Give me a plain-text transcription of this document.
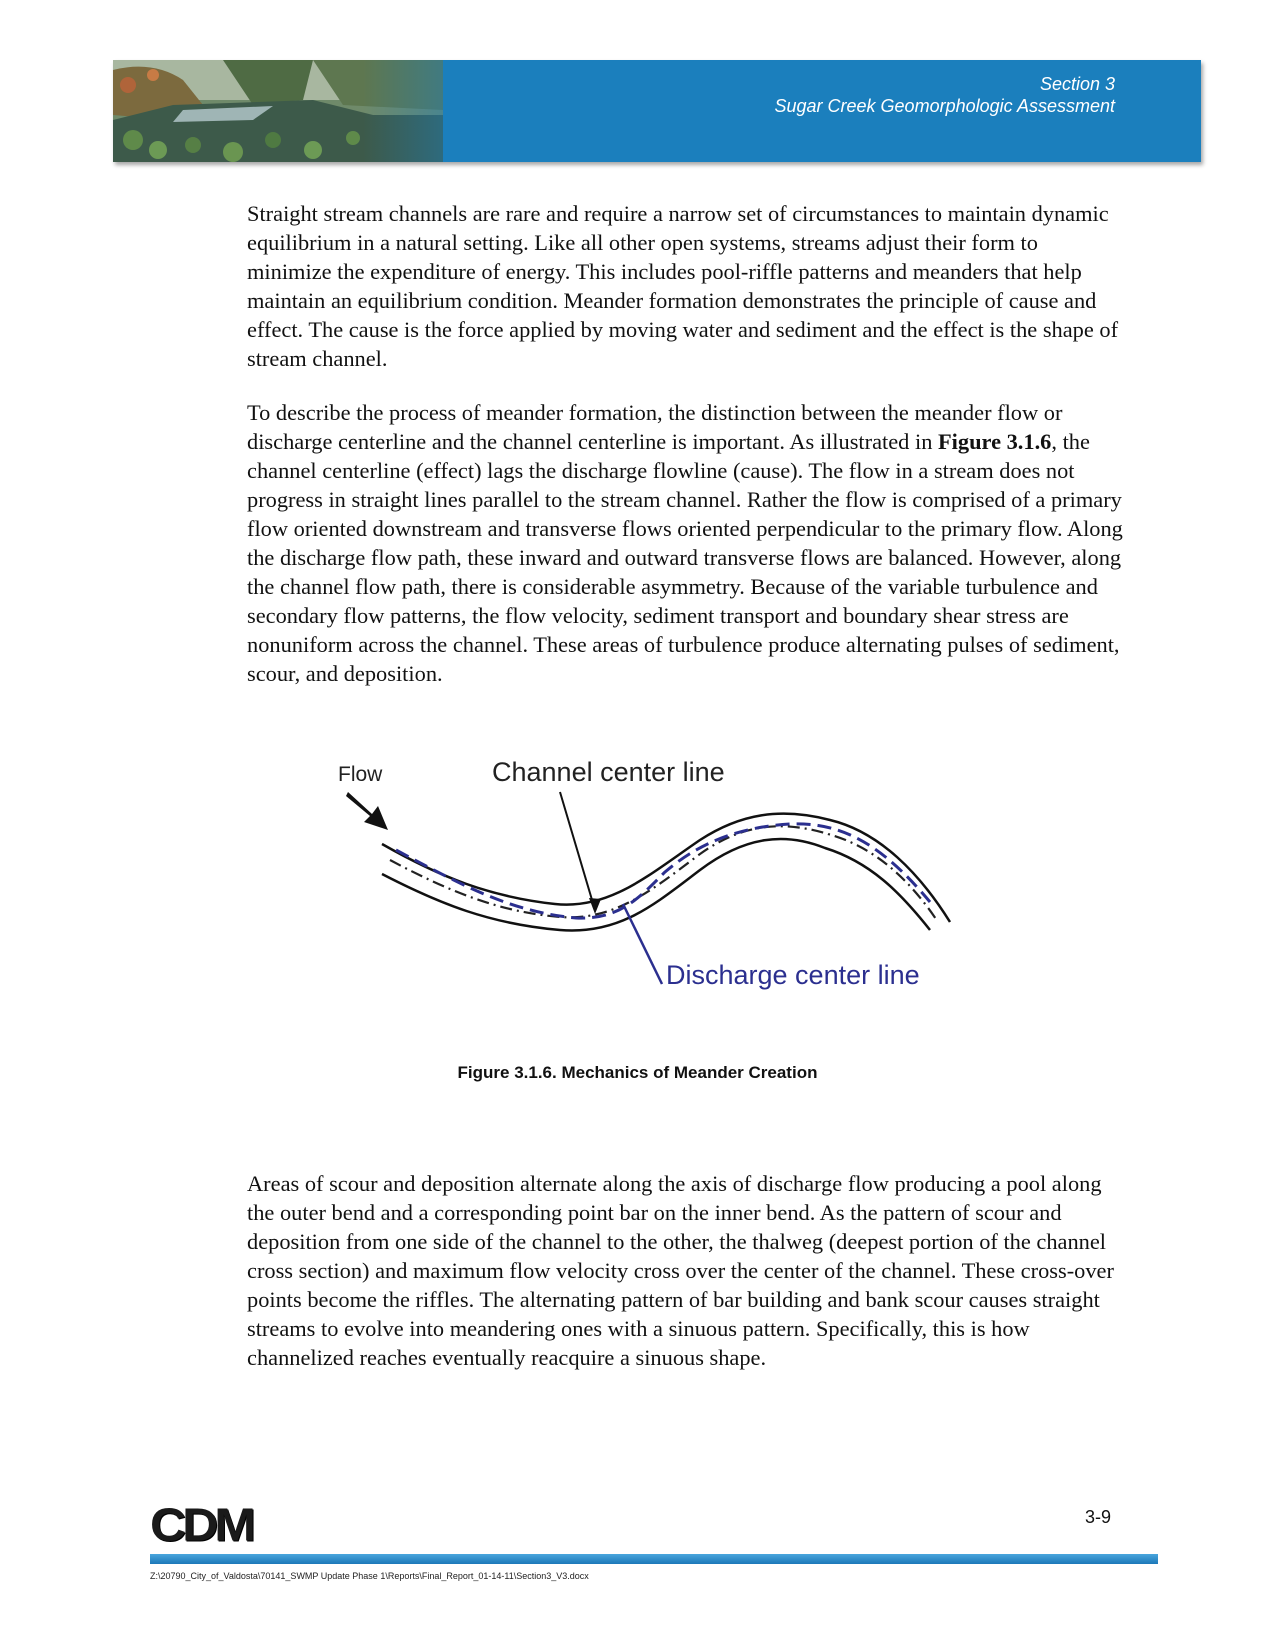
Section 3
Sugar Creek Geomorphologic Assessment

Straight stream channels are rare and require a narrow set of circumstances to maintain dynamic equilibrium in a natural setting. Like all other open systems, streams adjust their form to minimize the expenditure of energy. This includes pool-riffle patterns and meanders that help maintain an equilibrium condition. Meander formation demonstrates the principle of cause and effect. The cause is the force applied by moving water and sediment and the effect is the shape of stream channel.

To describe the process of meander formation, the distinction between the meander flow or discharge centerline and the channel centerline is important. As illustrated in Figure 3.1.6, the channel centerline (effect) lags the discharge flowline (cause). The flow in a stream does not progress in straight lines parallel to the stream channel. Rather the flow is comprised of a primary flow oriented downstream and transverse flows oriented perpendicular to the primary flow. Along the discharge flow path, these inward and outward transverse flows are balanced. However, along the channel flow path, there is considerable asymmetry. Because of the variable turbulence and secondary flow patterns, the flow velocity, sediment transport and boundary shear stress are nonuniform across the channel. These areas of turbulence produce alternating pulses of sediment, scour, and deposition.

Flow	Channel center line
Discharge center line
Figure 3.1.6. Mechanics of Meander Creation

Areas of scour and deposition alternate along the axis of discharge flow producing a pool along the outer bend and a corresponding point bar on the inner bend. As the pattern of scour and deposition from one side of the channel to the other, the thalweg (deepest portion of the channel cross section) and maximum flow velocity cross over the center of the channel. These cross-over points become the riffles. The alternating pattern of bar building and bank scour causes straight streams to evolve into meandering ones with a sinuous pattern. Specifically, this is how channelized reaches eventually reacquire a sinuous shape.

CDM	3-9
Z:\20790_City_of_Valdosta\70141_SWMP Update Phase 1\Reports\Final_Report_01-14-11\Section3_V3.docx
